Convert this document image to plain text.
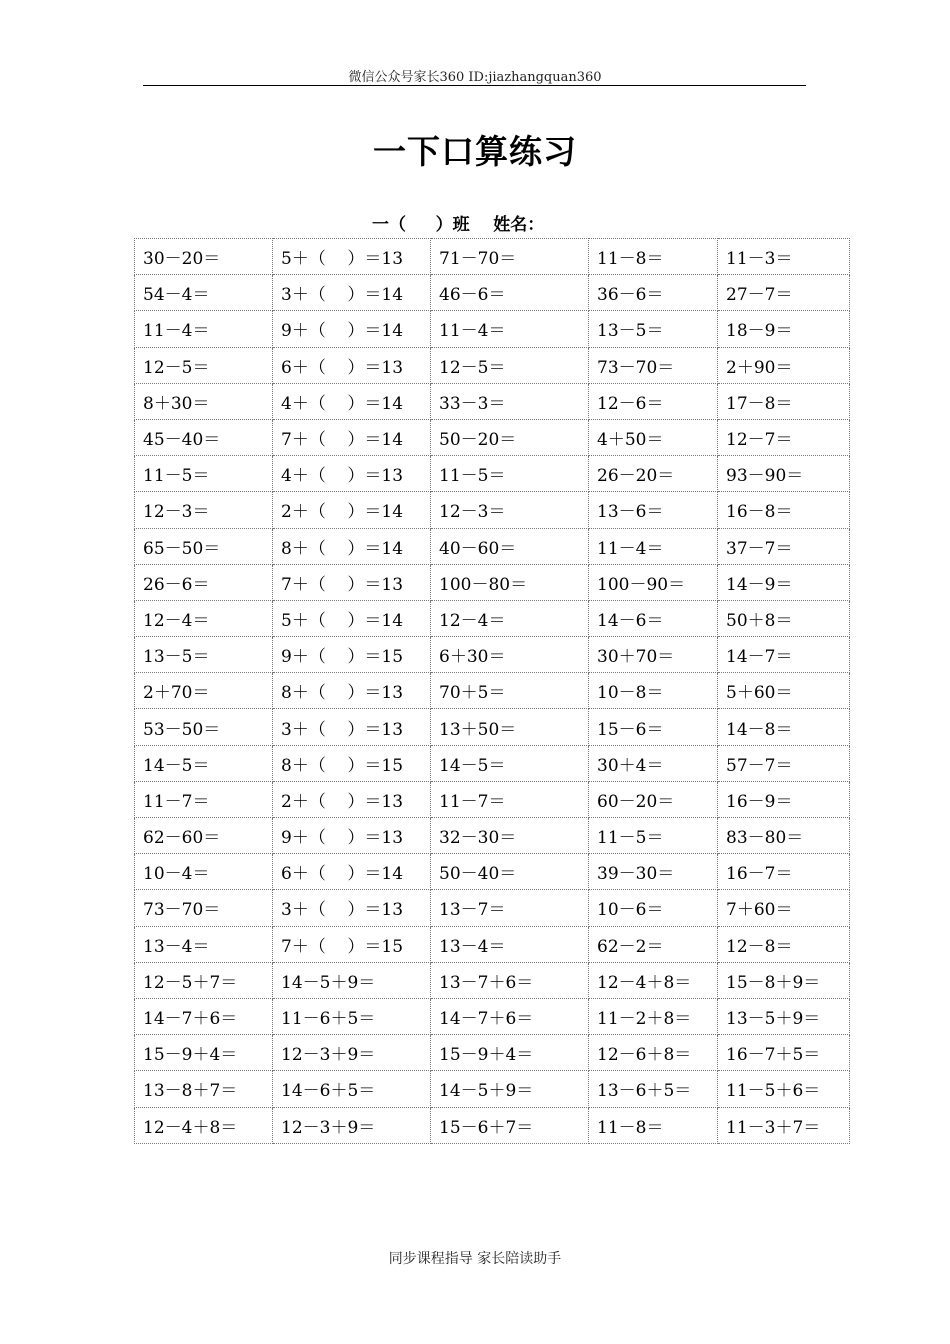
微信公众号家长360 ID:jiazhangquan360
一下口算练习
一（     ）班    姓名：
30－20＝	5＋（    ）＝13	71－70＝	11－8＝	11－3＝
54－4＝	3＋（    ）＝14	46－6＝	36－6＝	27－7＝
11－4＝	9＋（    ）＝14	11－4＝	13－5＝	18－9＝
12－5＝	6＋（    ）＝13	12－5＝	73－70＝	2＋90＝
8＋30＝	4＋（    ）＝14	33－3＝	12－6＝	17－8＝
45－40＝	7＋（    ）＝14	50－20＝	4＋50＝	12－7＝
11－5＝	4＋（    ）＝13	11－5＝	26－20＝	93－90＝
12－3＝	2＋（    ）＝14	12－3＝	13－6＝	16－8＝
65－50＝	8＋（    ）＝14	40－60＝	11－4＝	37－7＝
26－6＝	7＋（    ）＝13	100－80＝	100－90＝	14－9＝
12－4＝	5＋（    ）＝14	12－4＝	14－6＝	50＋8＝
13－5＝	9＋（    ）＝15	6＋30＝	30＋70＝	14－7＝
2＋70＝	8＋（    ）＝13	70＋5＝	10－8＝	5＋60＝
53－50＝	3＋（    ）＝13	13＋50＝	15－6＝	14－8＝
14－5＝	8＋（    ）＝15	14－5＝	30＋4＝	57－7＝
11－7＝	2＋（    ）＝13	11－7＝	60－20＝	16－9＝
62－60＝	9＋（    ）＝13	32－30＝	11－5＝	83－80＝
10－4＝	6＋（    ）＝14	50－40＝	39－30＝	16－7＝
73－70＝	3＋（    ）＝13	13－7＝	10－6＝	7＋60＝
13－4＝	7＋（    ）＝15	13－4＝	62－2＝	12－8＝
12－5＋7＝	14－5＋9＝	13－7＋6＝	12－4＋8＝	15－8＋9＝
14－7＋6＝	11－6＋5＝	14－7＋6＝	11－2＋8＝	13－5＋9＝
15－9＋4＝	12－3＋9＝	15－9＋4＝	12－6＋8＝	16－7＋5＝
13－8＋7＝	14－6＋5＝	14－5＋9＝	13－6＋5＝	11－5＋6＝
12－4＋8＝	12－3＋9＝	15－6＋7＝	11－8＝	11－3＋7＝
同步课程指导 家长陪读助手
